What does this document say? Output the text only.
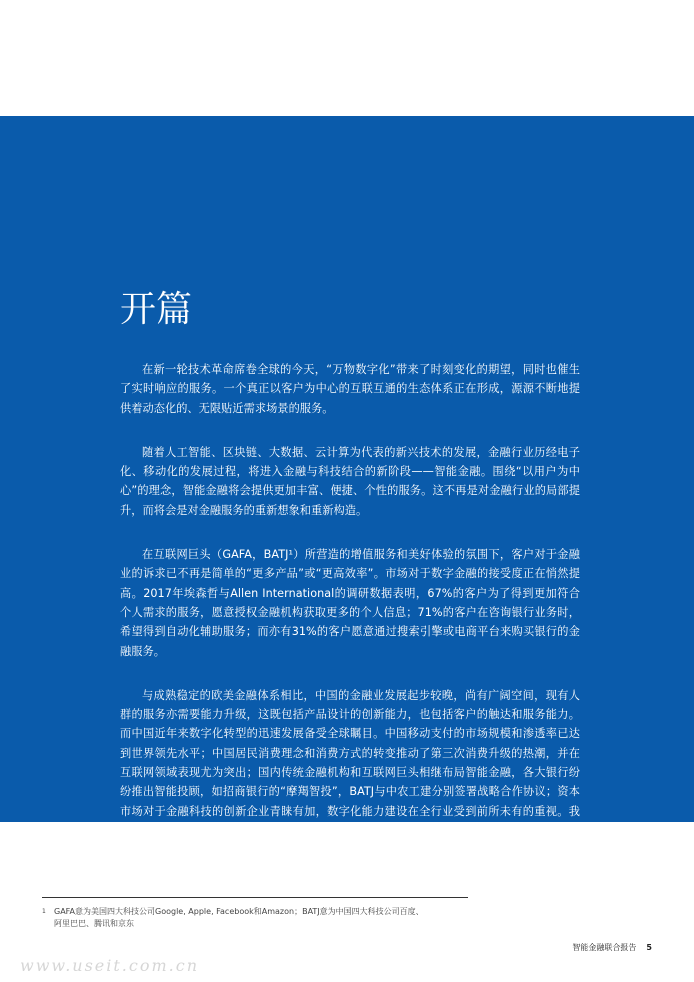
开篇

在新一轮技术革命席卷全球的今天，“万物数字化”带来了时刻变化的期望，同时也催生了实时响应的服务。一个真正以客户为中心的互联互通的生态体系正在形成，源源不断地提供着动态化的、无限贴近需求场景的服务。

随着人工智能、区块链、大数据、云计算为代表的新兴技术的发展，金融行业历经电子化、移动化的发展过程，将进入金融与科技结合的新阶段——智能金融。围绕“以用户为中心”的理念，智能金融将会提供更加丰富、便捷、个性的服务。这不再是对金融行业的局部提升，而将会是对金融服务的重新想象和重新构造。

在互联网巨头（GAFA，BATJ¹）所营造的增值服务和美好体验的氛围下，客户对于金融业的诉求已不再是简单的“更多产品”或“更高效率”。市场对于数字金融的接受度正在悄然提高。2017年埃森哲与Allen International的调研数据表明，67%的客户为了得到更加符合个人需求的服务，愿意授权金融机构获取更多的个人信息；71%的客户在咨询银行业务时，希望得到自动化辅助服务；而亦有31%的客户愿意通过搜索引擎或电商平台来购买银行的金融服务。

与成熟稳定的欧美金融体系相比，中国的金融业发展起步较晚，尚有广阔空间，现有人群的服务亦需要能力升级，这既包括产品设计的创新能力，也包括客户的触达和服务能力。而中国近年来数字化转型的迅速发展备受全球瞩目。中国移动支付的市场规模和渗透率已达到世界领先水平；中国居民消费理念和消费方式的转变推动了第三次消费升级的热潮，并在互联网领域表现尤为突出；国内传统金融机构和互联网巨头相继布局智能金融，各大银行纷纷推出智能投顾，如招商银行的“摩羯智投”，BATJ与中农工建分别签署战略合作协议；资本市场对于金融科技的创新企业青睐有加，数字化能力建设在全行业受到前所未有的重视。我们可以看到金融创新的未来已经到来，各方携手，期待共进。

在此背景下，百度金融与埃森哲携手，访谈百余位行业及技术专家，结合百度智能金融的实践成果和埃森哲国际金融行业的领先经验，共同撰写本篇报告。

1 GAFA意为美国四大科技公司Google, Apple, Facebook和Amazon；BATJ意为中国四大科技公司百度、
阿里巴巴、腾讯和京东
智能金融联合报告 5
www.useit.com.cn
